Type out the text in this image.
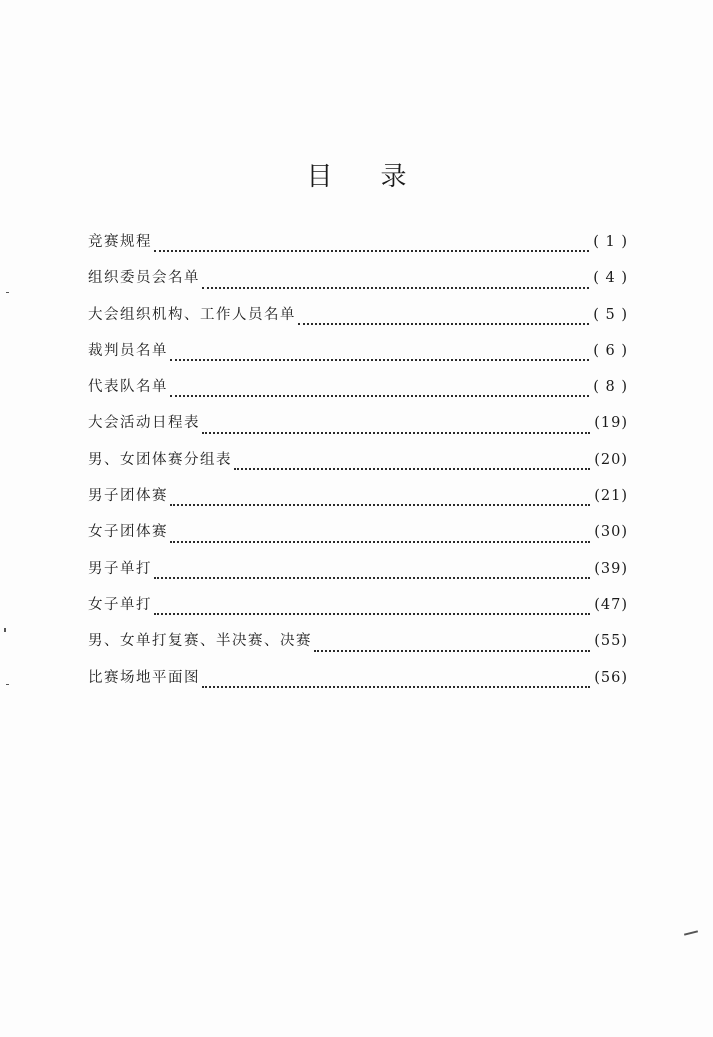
目 录
竞赛规程	( 1 )
组织委员会名单	( 4 )
大会组织机构、工作人员名单	( 5 )
裁判员名单	( 6 )
代表队名单	( 8 )
大会活动日程表	(19)
男、女团体赛分组表	(20)
男子团体赛	(21)
女子团体赛	(30)
男子单打	(39)
女子单打	(47)
男、女单打复赛、半决赛、决赛	(55)
比赛场地平面图	(56)
